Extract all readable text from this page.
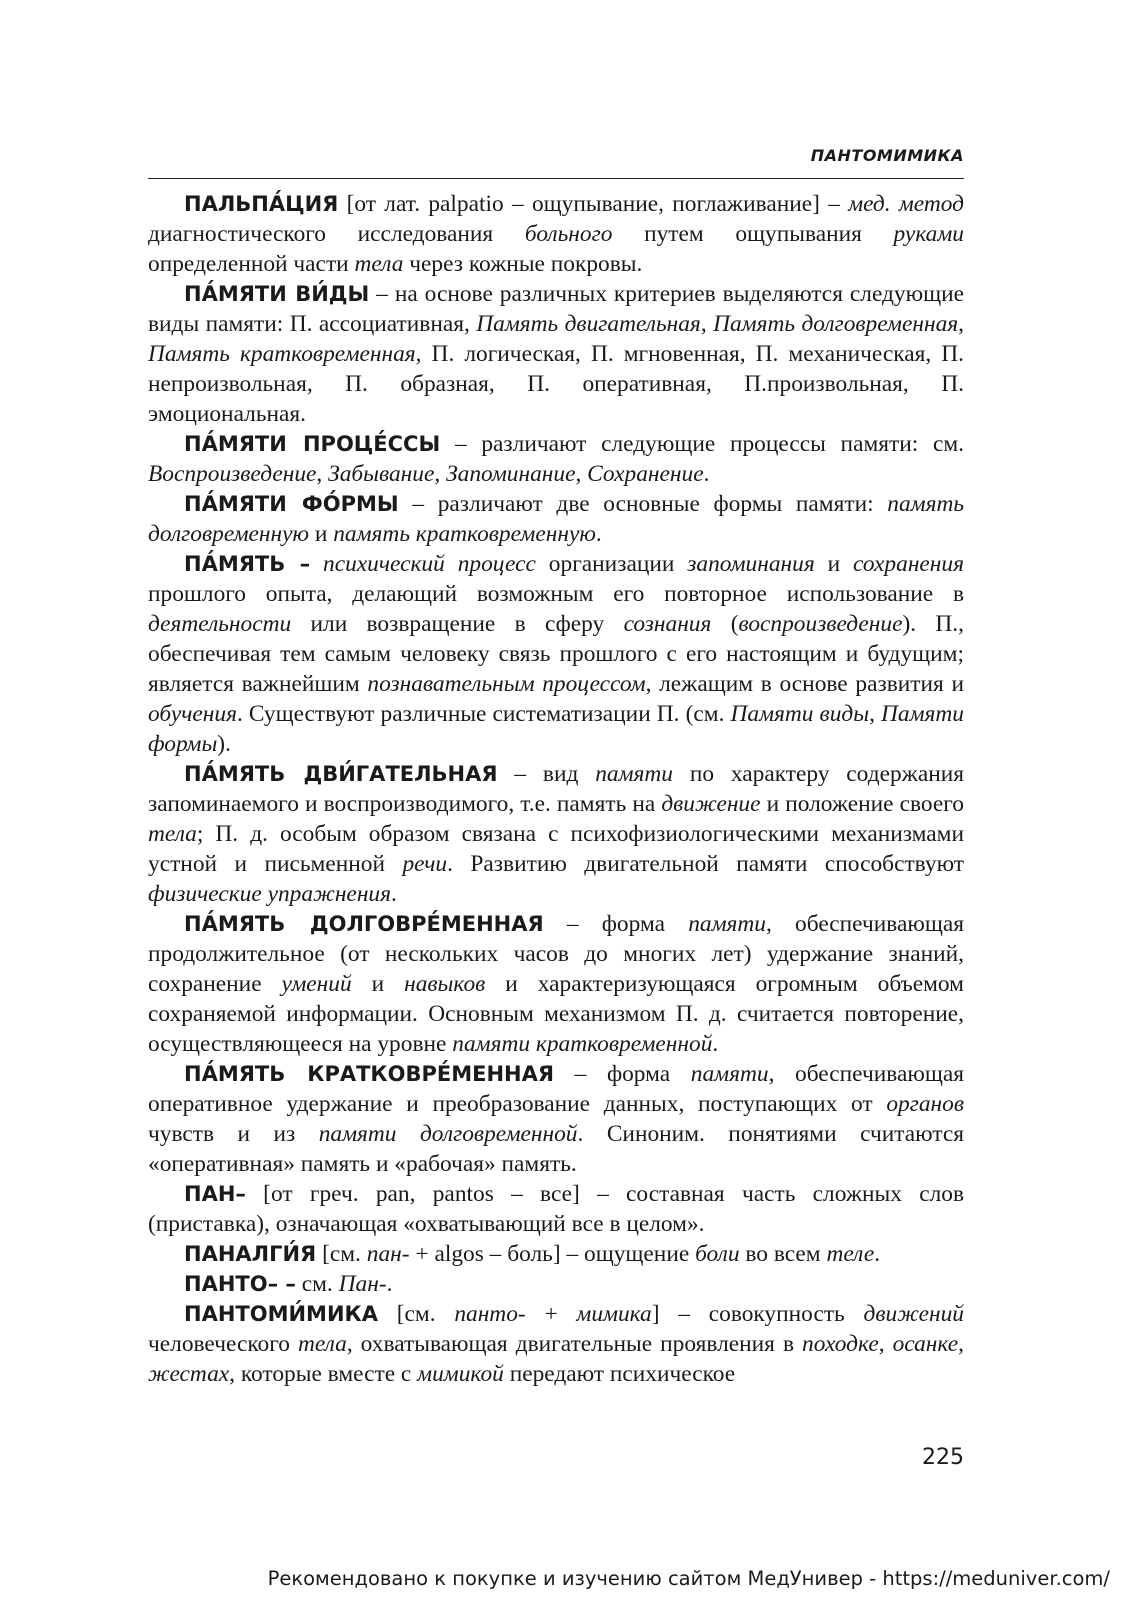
ПАНТОМИМИКА

ПАЛЬПА́ЦИЯ [от лат. palpatio – ощупывание, поглаживание] – мед. метод диагностического исследования больного путем ощупывания руками определенной части тела через кожные покровы.

ПА́МЯТИ ВИ́ДЫ – на основе различных критериев выделяются следующие виды памяти: П. ассоциативная, Память двигательная, Память долговременная, Память кратковременная, П. логическая, П. мгновенная, П. механическая, П. непроизвольная, П. образная, П. оперативная, П.произвольная, П. эмоциональная.

ПА́МЯТИ ПРОЦЕ́ССЫ – различают следующие процессы памяти: см. Воспроизведение, Забывание, Запоминание, Сохранение.

ПА́МЯТИ ФО́РМЫ – различают две основные формы памяти: память долговременную и память кратковременную.

ПА́МЯТЬ – психический процесс организации запоминания и сохранения прошлого опыта, делающий возможным его повторное использование в деятельности или возвращение в сферу сознания (воспроизведение). П., обеспечивая тем самым человеку связь прошлого с его настоящим и будущим; является важнейшим познавательным процессом, лежащим в основе развития и обучения. Существуют различные систематизации П. (см. Памяти виды, Памяти формы).

ПА́МЯТЬ ДВИ́ГАТЕЛЬНАЯ – вид памяти по характеру содержания запоминаемого и воспроизводимого, т.е. память на движение и положение своего тела; П. д. особым образом связана с психофизиологическими механизмами устной и письменной речи. Развитию двигательной памяти способствуют физические упражнения.

ПА́МЯТЬ ДОЛГОВРЕ́МЕННАЯ – форма памяти, обеспечивающая продолжительное (от нескольких часов до многих лет) удержание знаний, сохранение умений и навыков и характеризующаяся огромным объемом сохраняемой информации. Основным механизмом П. д. считается повторение, осуществляющееся на уровне памяти кратковременной.

ПА́МЯТЬ КРАТКОВРЕ́МЕННАЯ – форма памяти, обеспечивающая оперативное удержание и преобразование данных, поступающих от органов чувств и из памяти долговременной. Синоним. понятиями считаются «оперативная» память и «рабочая» память.

ПАН– [от греч. pan, pantos – все] – составная часть сложных слов (приставка), означающая «охватывающий все в целом».

ПАНАЛГИ́Я [см. пан- + algos – боль] – ощущение боли во всем теле.

ПАНТО– – см. Пан-.

ПАНТОМИ́МИКА [см. панто- + мимика] – совокупность движений человеческого тела, охватывающая двигательные проявления в походке, осанке, жестах, которые вместе с мимикой передают психическое

225
Рекомендовано к покупке и изучению сайтом МедУнивер - https://meduniver.com/
